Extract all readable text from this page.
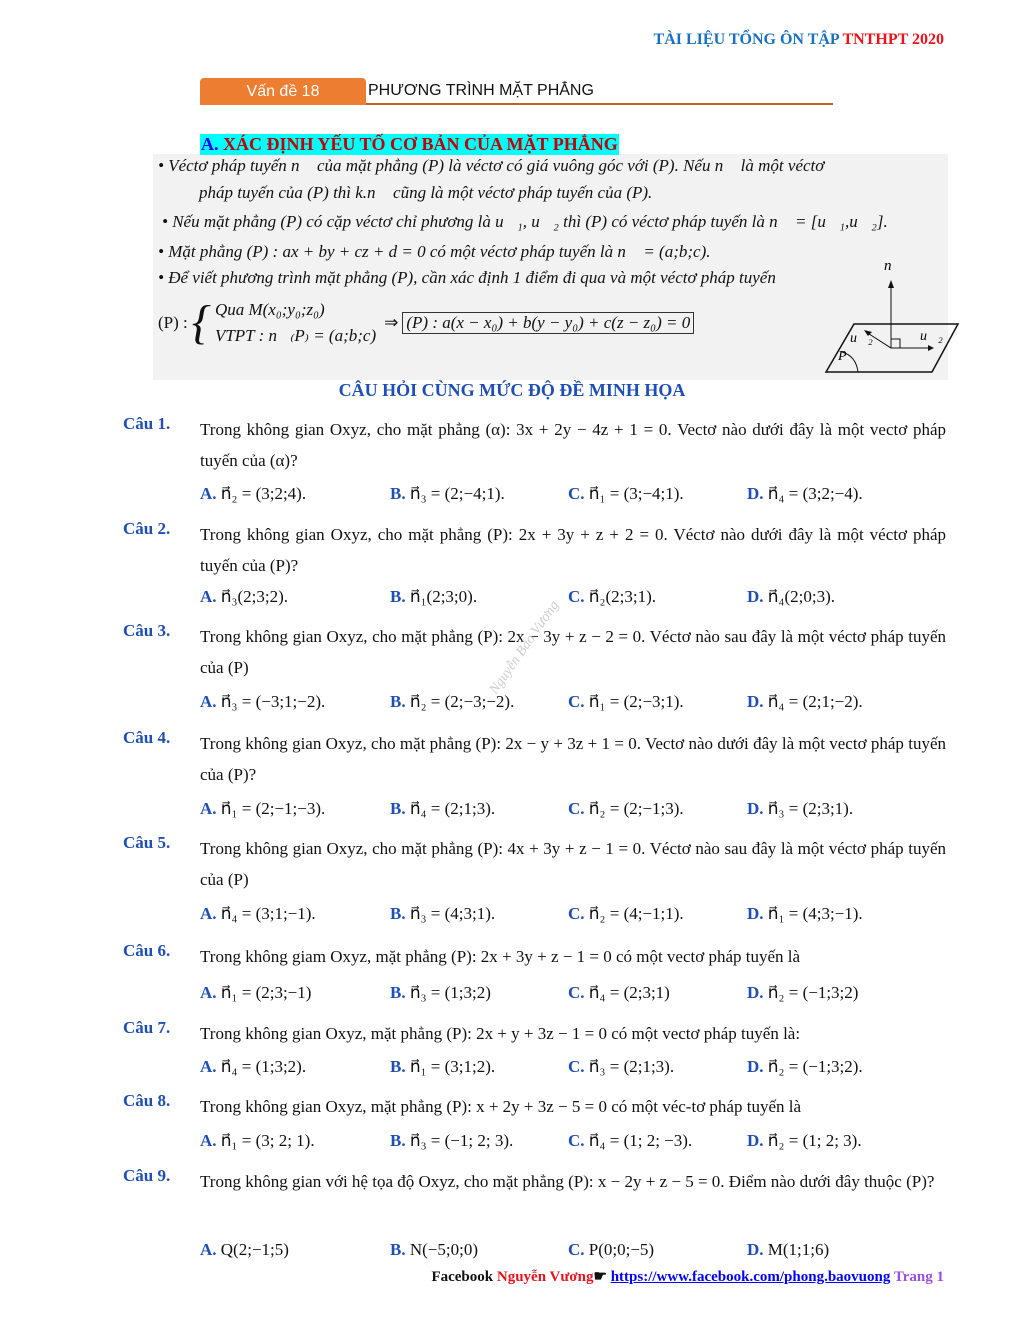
TÀI LIỆU TỔNG ÔN TẬP TNTHPT 2020
Vấn đề 18	PHƯƠNG TRÌNH MẶT PHẲNG
A. XÁC ĐỊNH YẾU TỐ CƠ BẢN CỦA MẶT PHẲNG
• Véctơ pháp tuyến n⃗ của mặt phẳng (P) là véctơ có giá vuông góc với (P). Nếu n⃗ là một véctơ
pháp tuyến của (P) thì k.n⃗ cũng là một véctơ pháp tuyến của (P).
• Nếu mặt phẳng (P) có cặp véctơ chỉ phương là u⃗₁, u⃗₂ thì (P) có véctơ pháp tuyến là n⃗ = [u⃗₁,u⃗₂].
• Mặt phẳng (P) : ax + by + cz + d = 0 có một véctơ pháp tuyến là n⃗ = (a;b;c).
• Để viết phương trình mặt phẳng (P), cần xác định 1 điểm đi qua và một véctơ pháp tuyến
(P) : { Qua M(x₀;y₀;z₀)
VTPT : n⃗₍P₎ = (a;b;c)
⇒ (P) : a(x − x₀) + b(y − y₀) + c(z − z₀) = 0
n⃗
u⃗₂	u⃗₂
P
CÂU HỎI CÙNG MỨC ĐỘ ĐỀ MINH HỌA
Câu 1. Trong không gian Oxyz, cho mặt phẳng (α): 3x + 2y − 4z + 1 = 0. Vectơ nào dưới đây là một vectơ pháp tuyến của (α)?
A. n⃗₂ = (3;2;4).	B. n⃗₃ = (2;−4;1).	C. n⃗₁ = (3;−4;1).	D. n⃗₄ = (3;2;−4).
Câu 2. Trong không gian Oxyz, cho mặt phẳng (P): 2x + 3y + z + 2 = 0. Véctơ nào dưới đây là một véctơ pháp tuyến của (P)?
A. n⃗₃(2;3;2).	B. n⃗₁(2;3;0).	C. n⃗₂(2;3;1).	D. n⃗₄(2;0;3).
Câu 3. Trong không gian Oxyz, cho mặt phẳng (P): 2x − 3y + z − 2 = 0. Véctơ nào sau đây là một véctơ pháp tuyến của (P)
A. n⃗₃ = (−3;1;−2).	B. n⃗₂ = (2;−3;−2).	C. n⃗₁ = (2;−3;1).	D. n⃗₄ = (2;1;−2).
Câu 4. Trong không gian Oxyz, cho mặt phẳng (P): 2x − y + 3z + 1 = 0. Vectơ nào dưới đây là một vectơ pháp tuyến của (P)?
A. n⃗₁ = (2;−1;−3).	B. n⃗₄ = (2;1;3).	C. n⃗₂ = (2;−1;3).	D. n⃗₃ = (2;3;1).
Câu 5. Trong không gian Oxyz, cho mặt phẳng (P): 4x + 3y + z − 1 = 0. Véctơ nào sau đây là một véctơ pháp tuyến của (P)
A. n⃗₄ = (3;1;−1).	B. n⃗₃ = (4;3;1).	C. n⃗₂ = (4;−1;1).	D. n⃗₁ = (4;3;−1).
Câu 6. Trong không giam Oxyz, mặt phẳng (P): 2x + 3y + z − 1 = 0 có một vectơ pháp tuyến là
A. n⃗₁ = (2;3;−1)	B. n⃗₃ = (1;3;2)	C. n⃗₄ = (2;3;1)	D. n⃗₂ = (−1;3;2)
Câu 7. Trong không gian Oxyz, mặt phẳng (P): 2x + y + 3z − 1 = 0 có một vectơ pháp tuyến là:
A. n⃗₄ = (1;3;2).	B. n⃗₁ = (3;1;2).	C. n⃗₃ = (2;1;3).	D. n⃗₂ = (−1;3;2).
Câu 8. Trong không gian Oxyz, mặt phẳng (P): x + 2y + 3z − 5 = 0 có một véc-tơ pháp tuyến là
A. n⃗₁ = (3; 2; 1).	B. n⃗₃ = (−1; 2; 3).	C. n⃗₄ = (1; 2; −3).	D. n⃗₂ = (1; 2; 3).
Câu 9. Trong không gian với hệ tọa độ Oxyz, cho mặt phẳng (P): x − 2y + z − 5 = 0. Điểm nào dưới đây thuộc (P)?
A. Q(2;−1;5)	B. N(−5;0;0)	C. P(0;0;−5)	D. M(1;1;6)
Nguyễn Bảo Vương
Facebook Nguyễn Vương☛ https://www.facebook.com/phong.baovuong Trang 1
